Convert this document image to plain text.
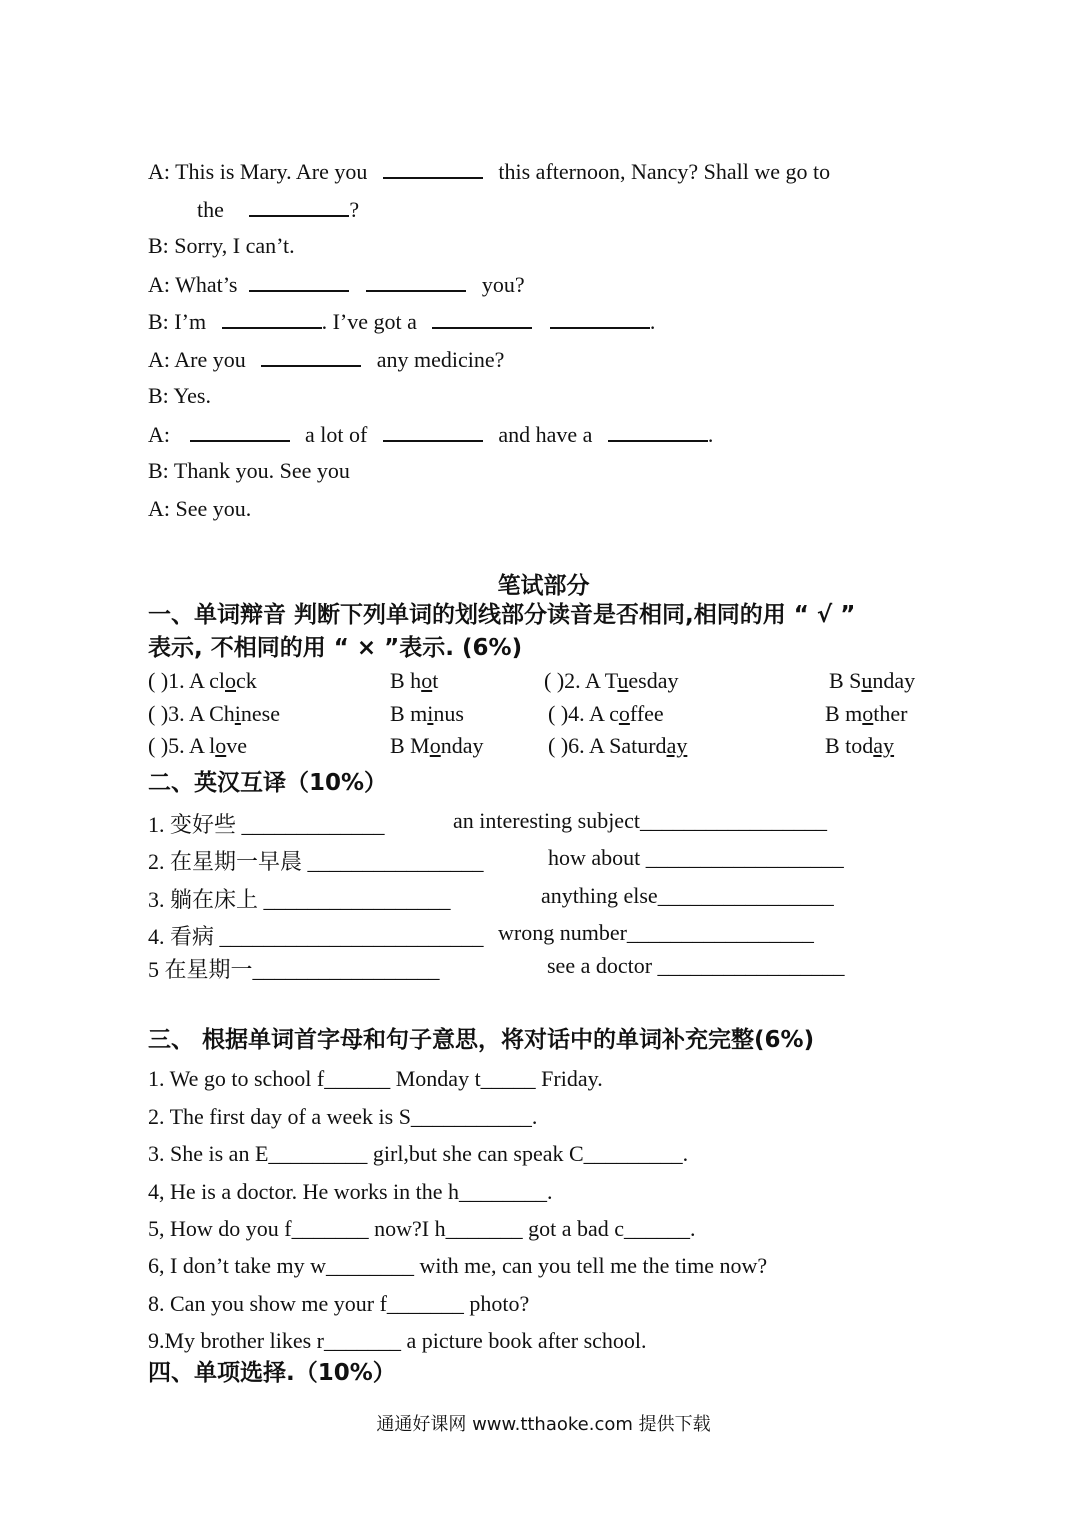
A: This is Mary. Are you	this afternoon, Nancy? Shall we go to
the	?
B: Sorry, I can’t.
A: What’s	you?
B: I’m	. I’ve got a	.
A: Are you	any medicine?
B: Yes.
A:	a lot of	and have a	.
B: Thank you. See you
A: See you.
笔试部分
一、单词辩音 判断下列单词的划线部分读音是否相同,相同的用 “ √ ”
表示, 不相同的用 “ × ”表示. (6%)
( )1. A clock	B hot	( )2. A Tuesday	B Sunday
( )3. A Chinese	B minus	( )4. A coffee	B mother
( )5. A love	B Monday	( )6. A Saturday	B today
二、英汉互译（10%）
1. 变好些 _____________	an interesting subject_________________
2. 在星期一早晨 ________________	how about __________________
3. 躺在床上 _________________	anything else________________
4. 看病 ________________________ wrong number_________________
5 在星期一_________________	see a doctor _________________
三、 根据单词首字母和句子意思，将对话中的单词补充完整(6%)
1. We go to school f______ Monday t_____ Friday.
2. The first day of a week is S___________.
3. She is an E_________ girl,but she can speak C_________.
4, He is a doctor. He works in the h________.
5, How do you f_______ now?I h_______ got a bad c______.
6, I don’t take my w________ with me, can you tell me the time now?
8. Can you show me your f_______ photo?
9.My brother likes r_______ a picture book after school.
四、单项选择.（10%）
通通好课网 www.tthaoke.com 提供下载
